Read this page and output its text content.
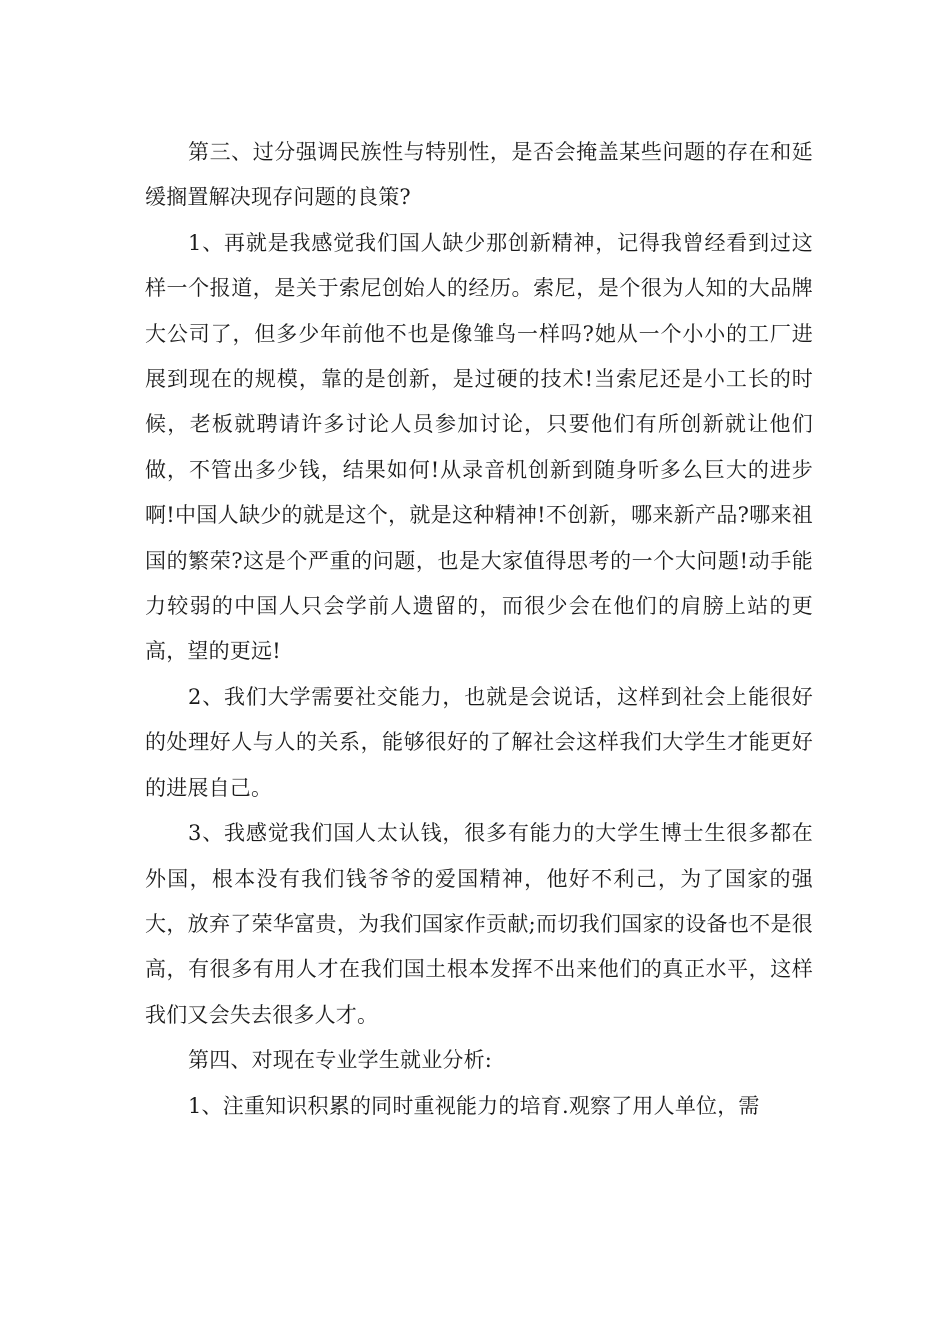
第三、过分强调民族性与特别性，是否会掩盖某些问题的存在和延缓搁置解决现存问题的良策?

1、再就是我感觉我们国人缺少那创新精神，记得我曾经看到过这样一个报道，是关于索尼创始人的经历。索尼，是个很为人知的大品牌大公司了，但多少年前他不也是像雏鸟一样吗?她从一个小小的工厂进展到现在的规模，靠的是创新，是过硬的技术!当索尼还是小工长的时候，老板就聘请许多讨论人员参加讨论，只要他们有所创新就让他们做，不管出多少钱，结果如何!从录音机创新到随身听多么巨大的进步啊!中国人缺少的就是这个，就是这种精神!不创新，哪来新产品?哪来祖国的繁荣?这是个严重的问题，也是大家值得思考的一个大问题!动手能力较弱的中国人只会学前人遗留的，而很少会在他们的肩膀上站的更高，望的更远!

2、我们大学需要社交能力，也就是会说话，这样到社会上能很好的处理好人与人的关系，能够很好的了解社会这样我们大学生才能更好的进展自己。

3、我感觉我们国人太认钱，很多有能力的大学生博士生很多都在外国，根本没有我们钱爷爷的爱国精神，他好不利己，为了国家的强大，放弃了荣华富贵，为我们国家作贡献;而切我们国家的设备也不是很高，有很多有用人才在我们国土根本发挥不出来他们的真正水平，这样我们又会失去很多人才。

第四、对现在专业学生就业分析:

1、注重知识积累的同时重视能力的培育.观察了用人单位，需
